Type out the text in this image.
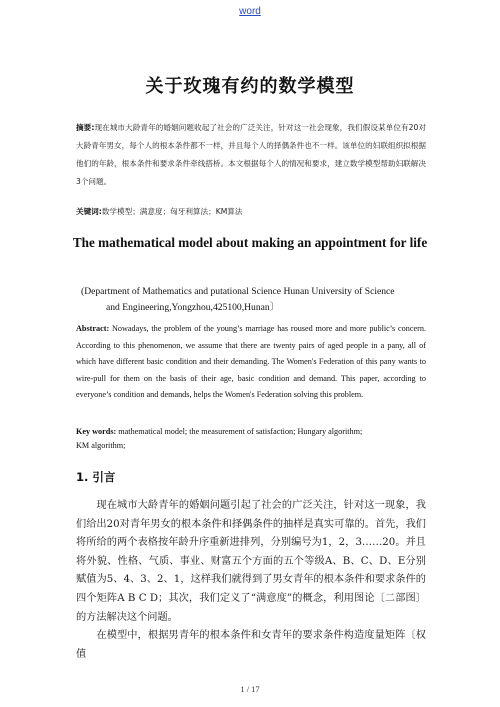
word
关于玫瑰有约的数学模型
摘要:现在城市大龄青年的婚姻问题收起了社会的广泛关注，针对这一社会现象，我们假设某单位有20对大龄青年男女，每个人的根本条件都不一样，并且每个人的择偶条件也不一样。该单位的妇联组织拟根据他们的年龄，根本条件和要求条件牵线搭桥。本文根据每个人的情况和要求，建立数学模型帮助妇联解决3个问题。
关键词:数学模型；满意度；匈牙利算法；KM算法
The mathematical model about making an appointment for life
(Department of Mathematics and putational Science Hunan University of Science
and Engineering,Yongzhou,425100,Hunan〕
Abstract: Nowadays, the problem of the young’s marriage has roused more and more public’s concern. According to this phenomenon, we assume that there are twenty pairs of aged people in a pany, all of which have different basic condition and their demanding. The Women's Federation of this pany wants to wire-pull for them on the basis of their age, basic condition and demand. This paper, according to everyone’s condition and demands, helps the Women's Federation solving this problem.
Key words: mathematical model; the measurement of satisfaction; Hungary algorithm;
KM algorithm;
1. 引言

现在城市大龄青年的婚姻问题引起了社会的广泛关注，针对这一现象，我们给出20对青年男女的根本条件和择偶条件的抽样是真实可靠的。首先，我们将所给的两个表格按年龄升序重新进排列，分别编号为1，2，3……20。并且将外貌、性格、气质、事业、财富五个方面的五个等级A、B、C、D、E分别赋值为5、4、3、2、1，这样我们就得到了男女青年的根本条件和要求条件的四个矩阵A B C D；其次，我们定义了“满意度”的概念，利用图论〔二部图〕的方法解决这个问题。

在模型中，根据男青年的根本条件和女青年的要求条件构造度量矩阵〔权值

1 / 17
